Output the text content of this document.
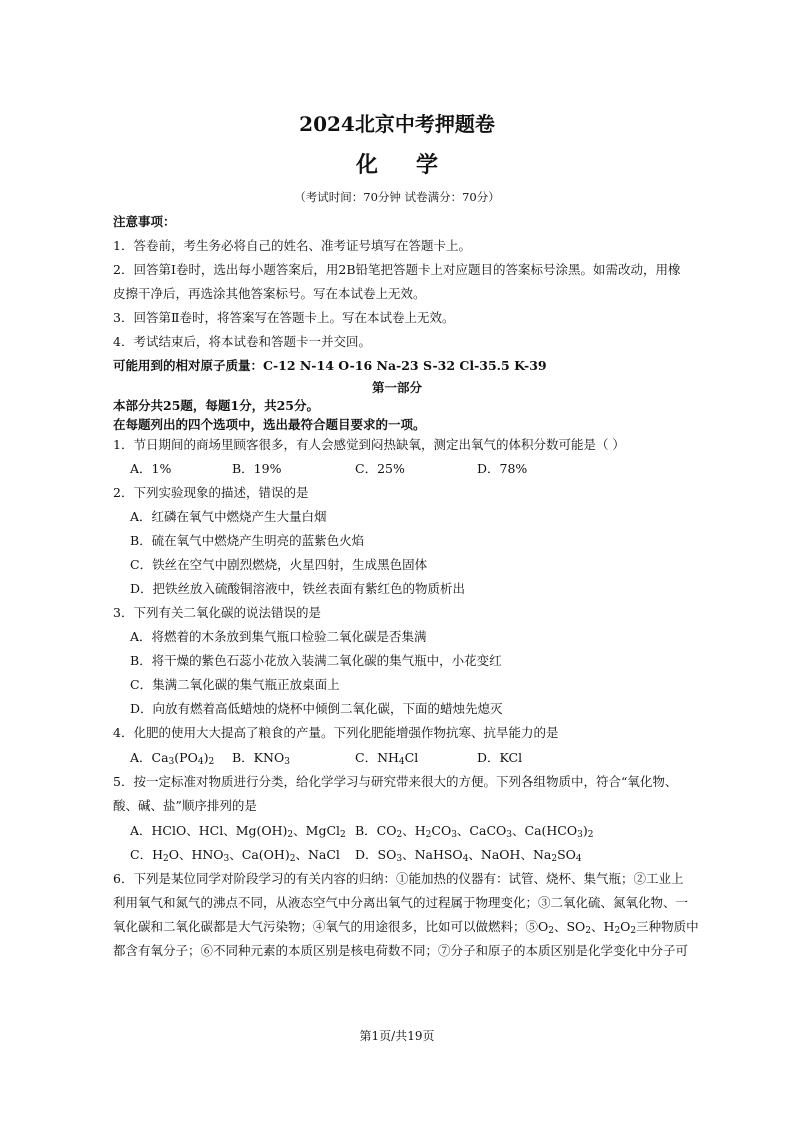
2024北京中考押题卷
化学
（考试时间：70分钟 试卷满分：70分）
注意事项：
1．答卷前，考生务必将自己的姓名、准考证号填写在答题卡上。
2．回答第Ⅰ卷时，选出每小题答案后，用2B铅笔把答题卡上对应题目的答案标号涂黑。如需改动，用橡
皮擦干净后，再选涂其他答案标号。写在本试卷上无效。
3．回答第Ⅱ卷时，将答案写在答题卡上。写在本试卷上无效。
4．考试结束后，将本试卷和答题卡一并交回。
可能用到的相对原子质量：C-12 N-14 O-16 Na-23 S-32 Cl-35.5 K-39
第一部分
本部分共25题，每题1分，共25分。
在每题列出的四个选项中，选出最符合题目要求的一项。
1．节日期间的商场里顾客很多，有人会感觉到闷热缺氧，测定出氧气的体积分数可能是（ ）
A．1%	B．19%	C．25%	D．78%
2．下列实验现象的描述，错误的是
A．红磷在氧气中燃烧产生大量白烟
B．硫在氧气中燃烧产生明亮的蓝紫色火焰
C．铁丝在空气中剧烈燃烧，火星四射，生成黑色固体
D．把铁丝放入硫酸铜溶液中，铁丝表面有紫红色的物质析出
3．下列有关二氧化碳的说法错误的是
A．将燃着的木条放到集气瓶口检验二氧化碳是否集满
B．将干燥的紫色石蕊小花放入装满二氧化碳的集气瓶中，小花变红
C．集满二氧化碳的集气瓶正放桌面上
D．向放有燃着高低蜡烛的烧杯中倾倒二氧化碳，下面的蜡烛先熄灭
4．化肥的使用大大提高了粮食的产量。下列化肥能增强作物抗寒、抗旱能力的是
A．$Ca_3(PO_4)_2$ B．$KNO_3$	C．$NH_4Cl$	D．KCl
5．按一定标准对物质进行分类，给化学学习与研究带来很大的方便。下列各组物质中，符合“氧化物、
酸、碱、盐”顺序排列的是
A．HClO、HCl、$Mg(OH)_2$、MgCl$_2$ B．$CO_2$、$H_2CO_3$、CaCO$_3$、$Ca(HCO_3)_2$
C．$H_2O$、$HNO_3$、$Ca(OH)_2$、NaCl D．$SO_3$、NaHSO$_4$、NaOH、$Na_2SO_4$
6．下列是某位同学对阶段学习的有关内容的归纳：①能加热的仪器有：试管、烧杯、集气瓶；②工业上
利用氧气和氮气的沸点不同，从液态空气中分离出氧气的过程属于物理变化；③二氧化硫、氮氧化物、一
氧化碳和二氧化碳都是大气污染物；④氧气的用途很多，比如可以做燃料；$⑤O_2$、$SO_2$、$H_2O_2$三种物质中
都含有氧分子；⑥不同种元素的本质区别是核电荷数不同；⑦分子和原子的本质区别是化学变化中分子可
第1页/共19页
